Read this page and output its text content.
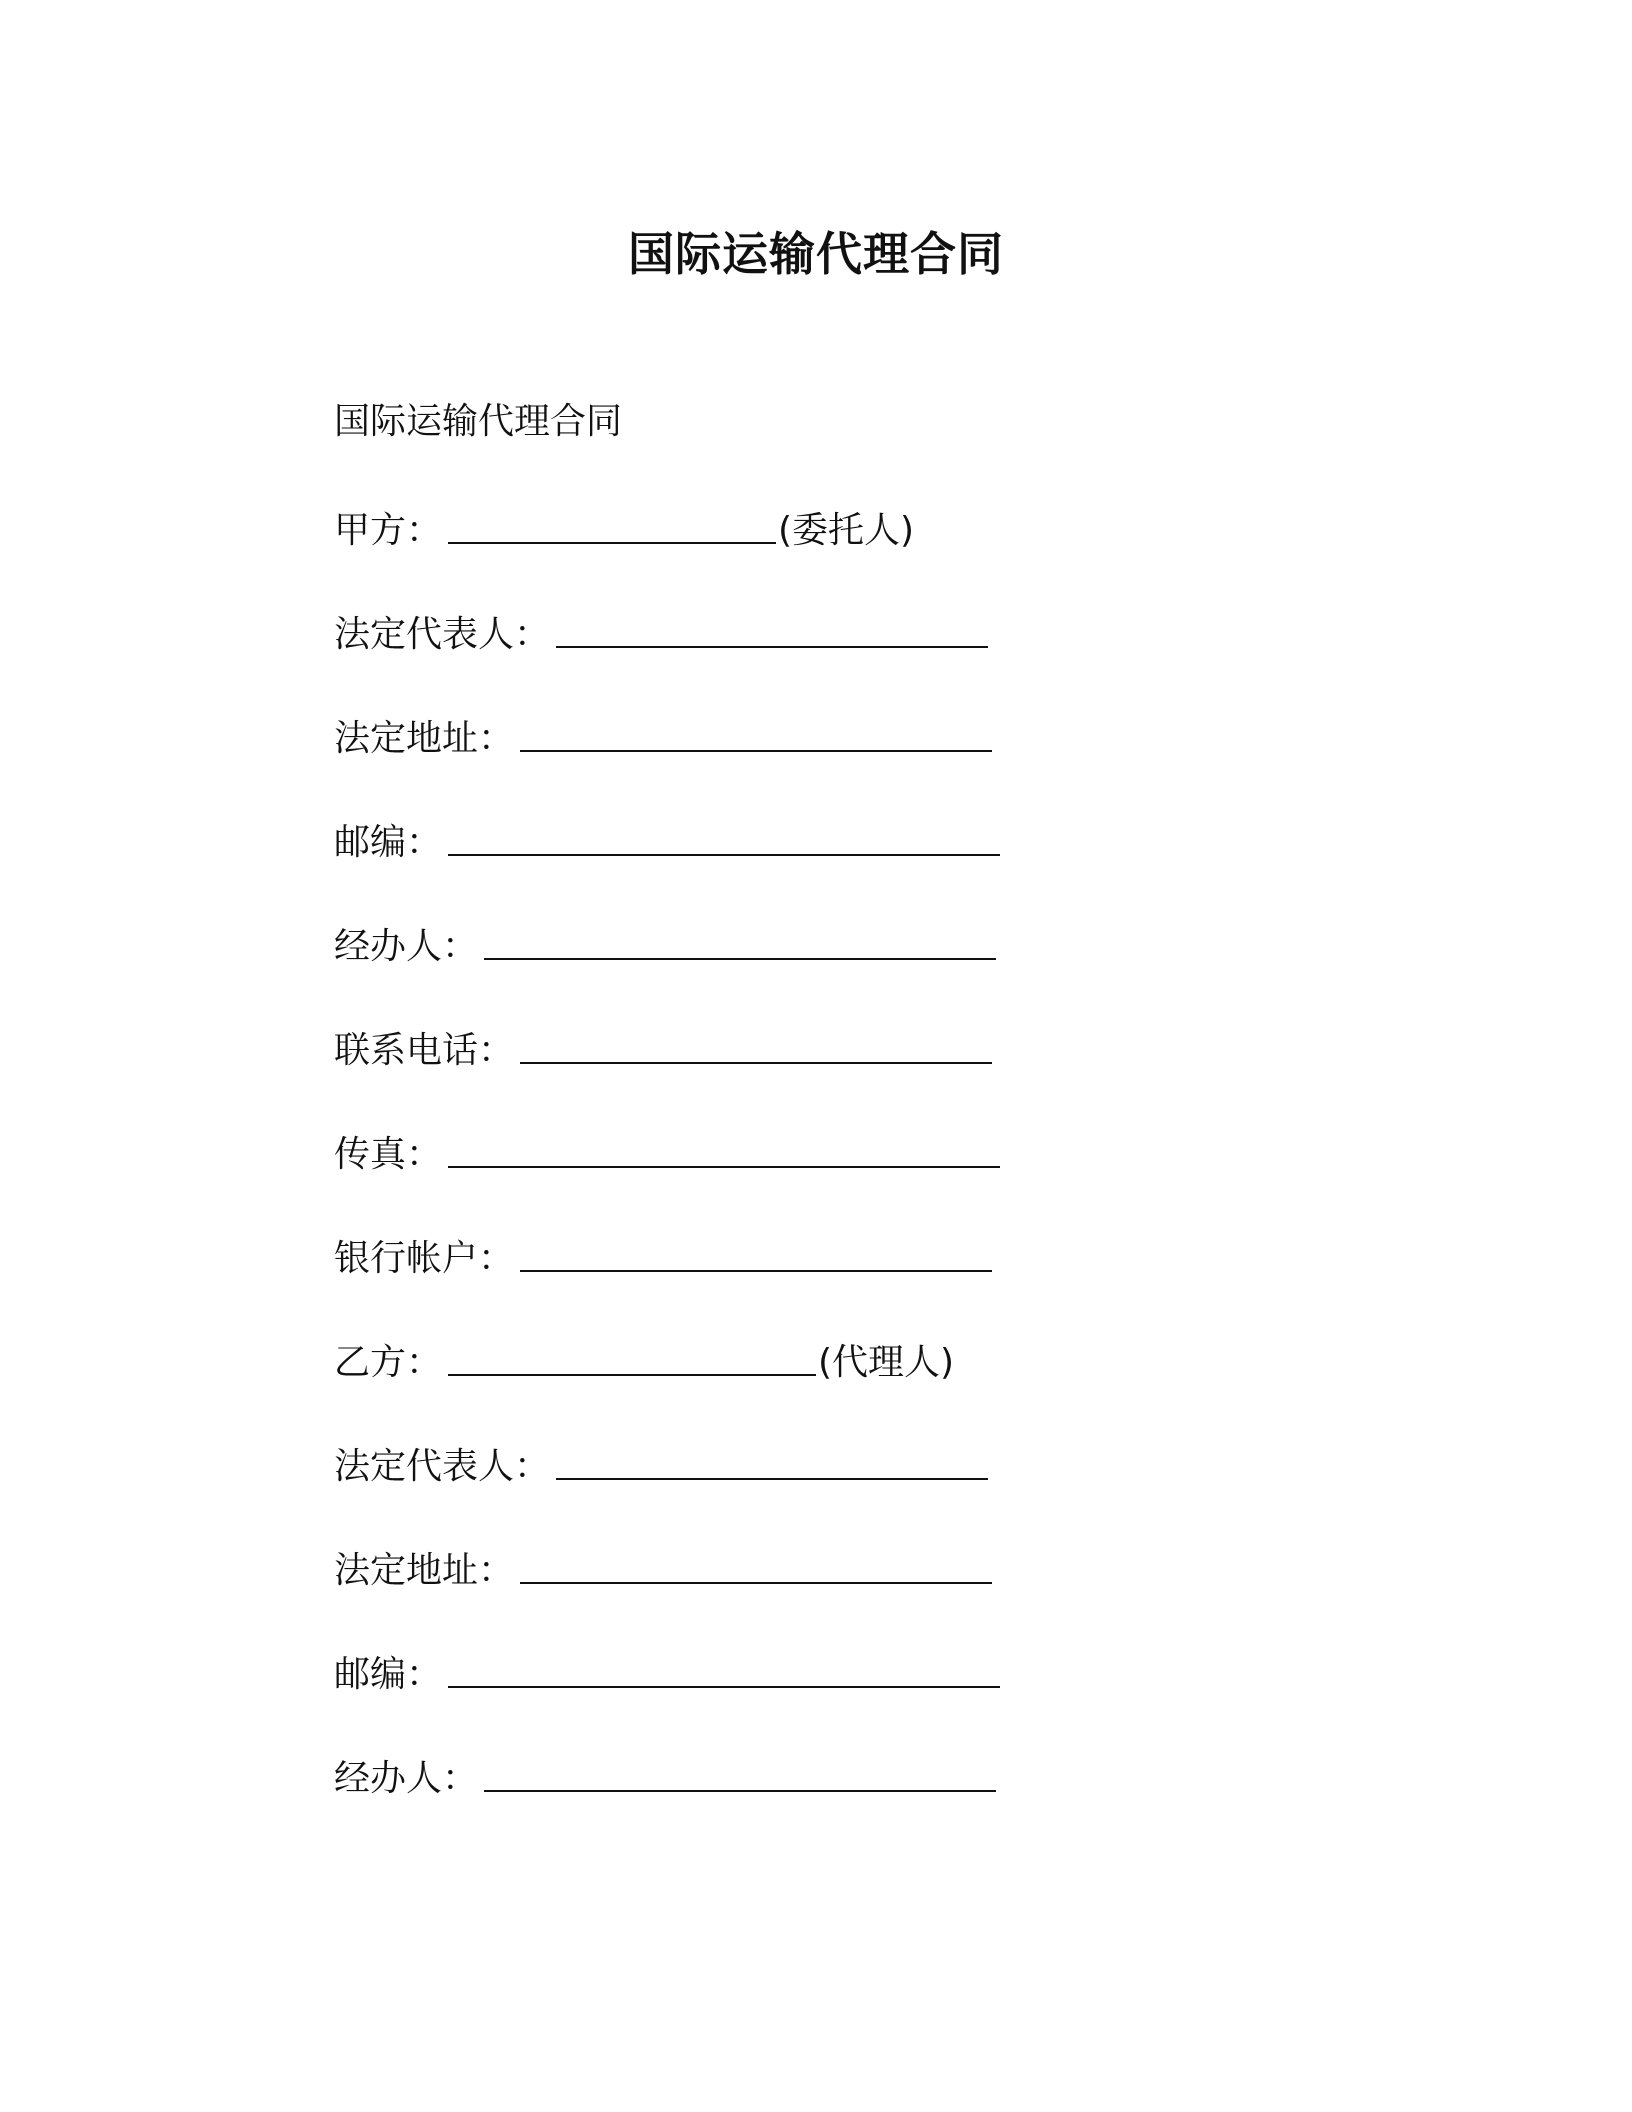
国际运输代理合同
国际运输代理合同
甲方：	(委托人)
法定代表人：
法定地址：
邮编：
经办人：
联系电话：
传真：
银行帐户：
乙方：	(代理人)
法定代表人：
法定地址：
邮编：
经办人：
